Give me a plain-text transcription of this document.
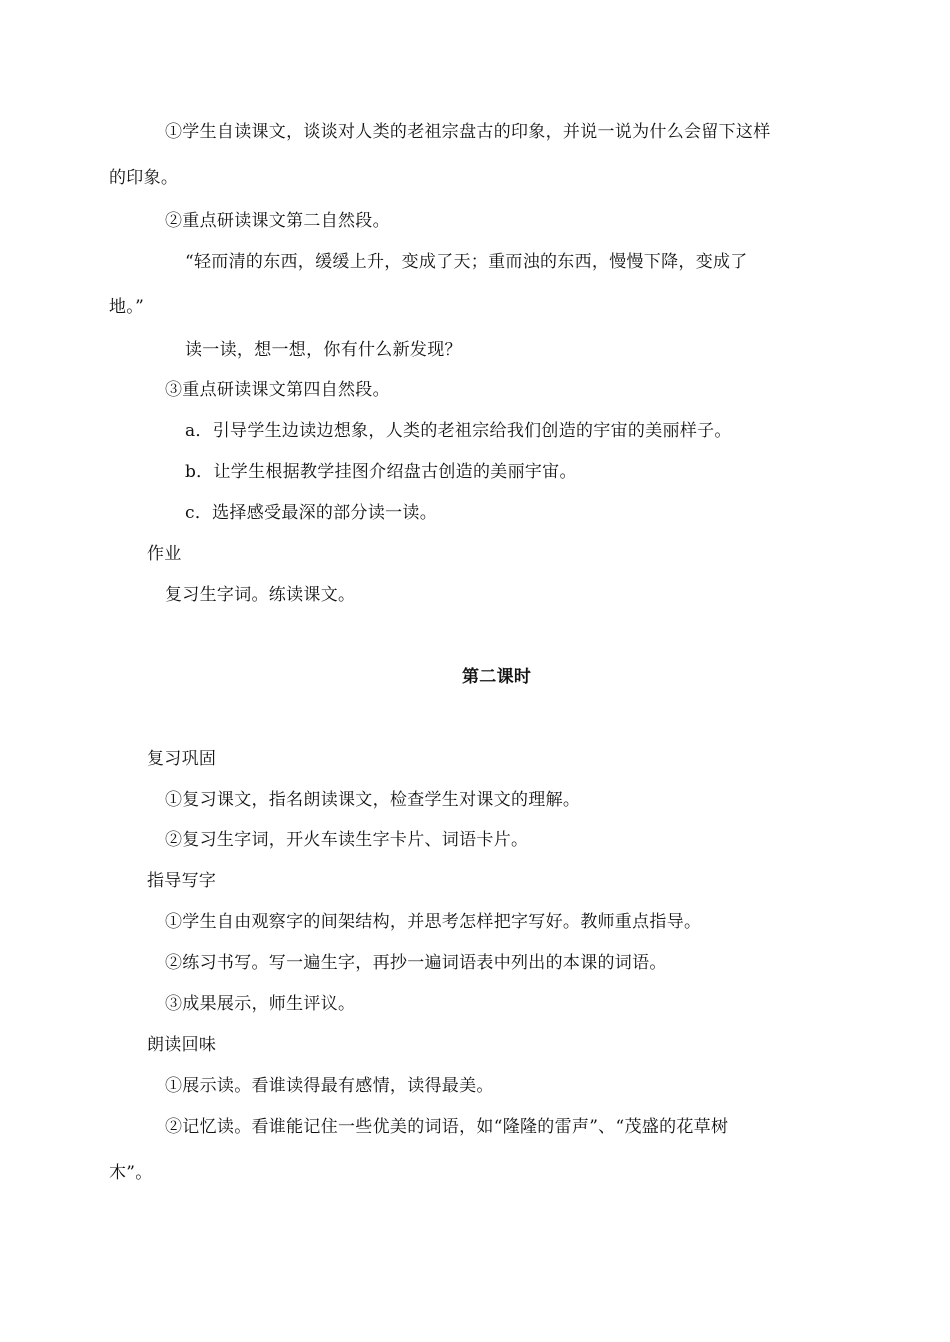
①学生自读课文，谈谈对人类的老祖宗盘古的印象，并说一说为什么会留下这样
的印象。
②重点研读课文第二自然段。
“轻而清的东西，缓缓上升，变成了天；重而浊的东西，慢慢下降，变成了
地。”
读一读，想一想，你有什么新发现？
③重点研读课文第四自然段。
a．引导学生边读边想象，人类的老祖宗给我们创造的宇宙的美丽样子。
b．让学生根据教学挂图介绍盘古创造的美丽宇宙。
c．选择感受最深的部分读一读。
作业
复习生字词。练读课文。
第二课时
复习巩固
①复习课文，指名朗读课文，检查学生对课文的理解。
②复习生字词，开火车读生字卡片、词语卡片。
指导写字
①学生自由观察字的间架结构，并思考怎样把字写好。教师重点指导。
②练习书写。写一遍生字，再抄一遍词语表中列出的本课的词语。
③成果展示，师生评议。
朗读回味
①展示读。看谁读得最有感情，读得最美。
②记忆读。看谁能记住一些优美的词语，如“隆隆的雷声”、“茂盛的花草树
木”。
